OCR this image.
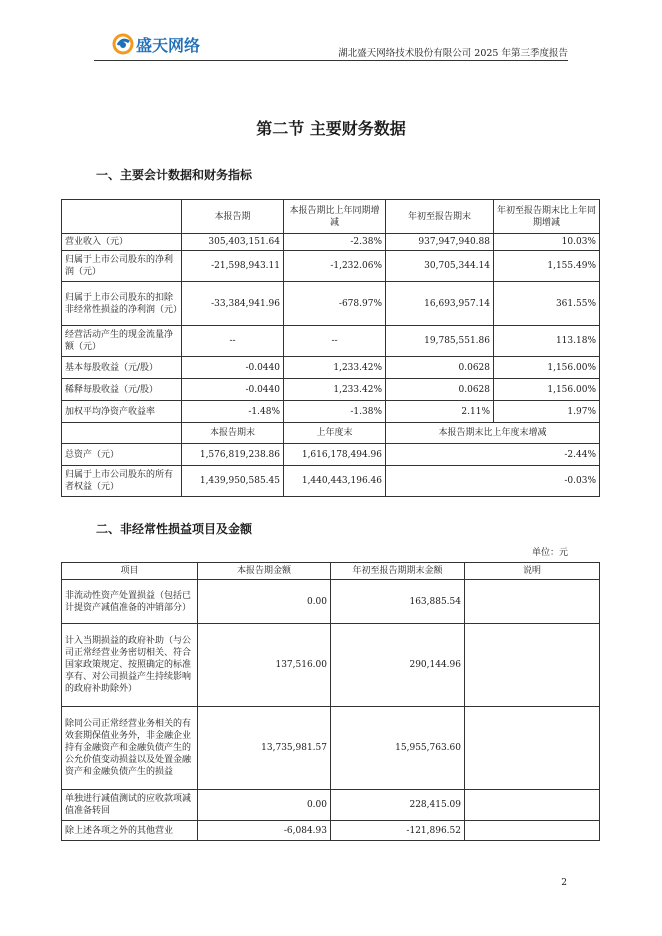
盛天网络	湖北盛天网络技术股份有限公司 2025 年第三季度报告
第二节 主要财务数据
一、主要会计数据和财务指标
	本报告期	本报告期比上年同期增减	年初至报告期末	年初至报告期末比上年同期增减
营业收入（元）	305,403,151.64	-2.38%	937,947,940.88	10.03%
归属于上市公司股东的净利润（元）	-21,598,943.11	-1,232.06%	30,705,344.14	1,155.49%
归属于上市公司股东的扣除非经常性损益的净利润（元）	-33,384,941.96	-678.97%	16,693,957.14	361.55%
经营活动产生的现金流量净额（元）	--	--	19,785,551.86	113.18%
基本每股收益（元/股）	-0.0440	1,233.42%	0.0628	1,156.00%
稀释每股收益（元/股）	-0.0440	1,233.42%	0.0628	1,156.00%
加权平均净资产收益率	-1.48%	-1.38%	2.11%	1.97%
	本报告期末	上年度末	本报告期末比上年度末增减	
总资产（元）	1,576,819,238.86	1,616,178,494.96	-2.44%	
归属于上市公司股东的所有者权益（元）	1,439,950,585.45	1,440,443,196.46	-0.03%	
二、非经常性损益项目及金额
单位：元
项目	本报告期金额	年初至报告期期末金额	说明
非流动性资产处置损益（包括已计提资产减值准备的冲销部分）	0.00	163,885.54	
计入当期损益的政府补助（与公司正常经营业务密切相关、符合国家政策规定、按照确定的标准享有、对公司损益产生持续影响的政府补助除外）	137,516.00	290,144.96	
除同公司正常经营业务相关的有效套期保值业务外，非金融企业持有金融资产和金融负债产生的公允价值变动损益以及处置金融资产和金融负债产生的损益	13,735,981.57	15,955,763.60	
单独进行减值测试的应收款项减值准备转回	0.00	228,415.09	
除上述各项之外的其他营业	-6,084.93	-121,896.52	
2
